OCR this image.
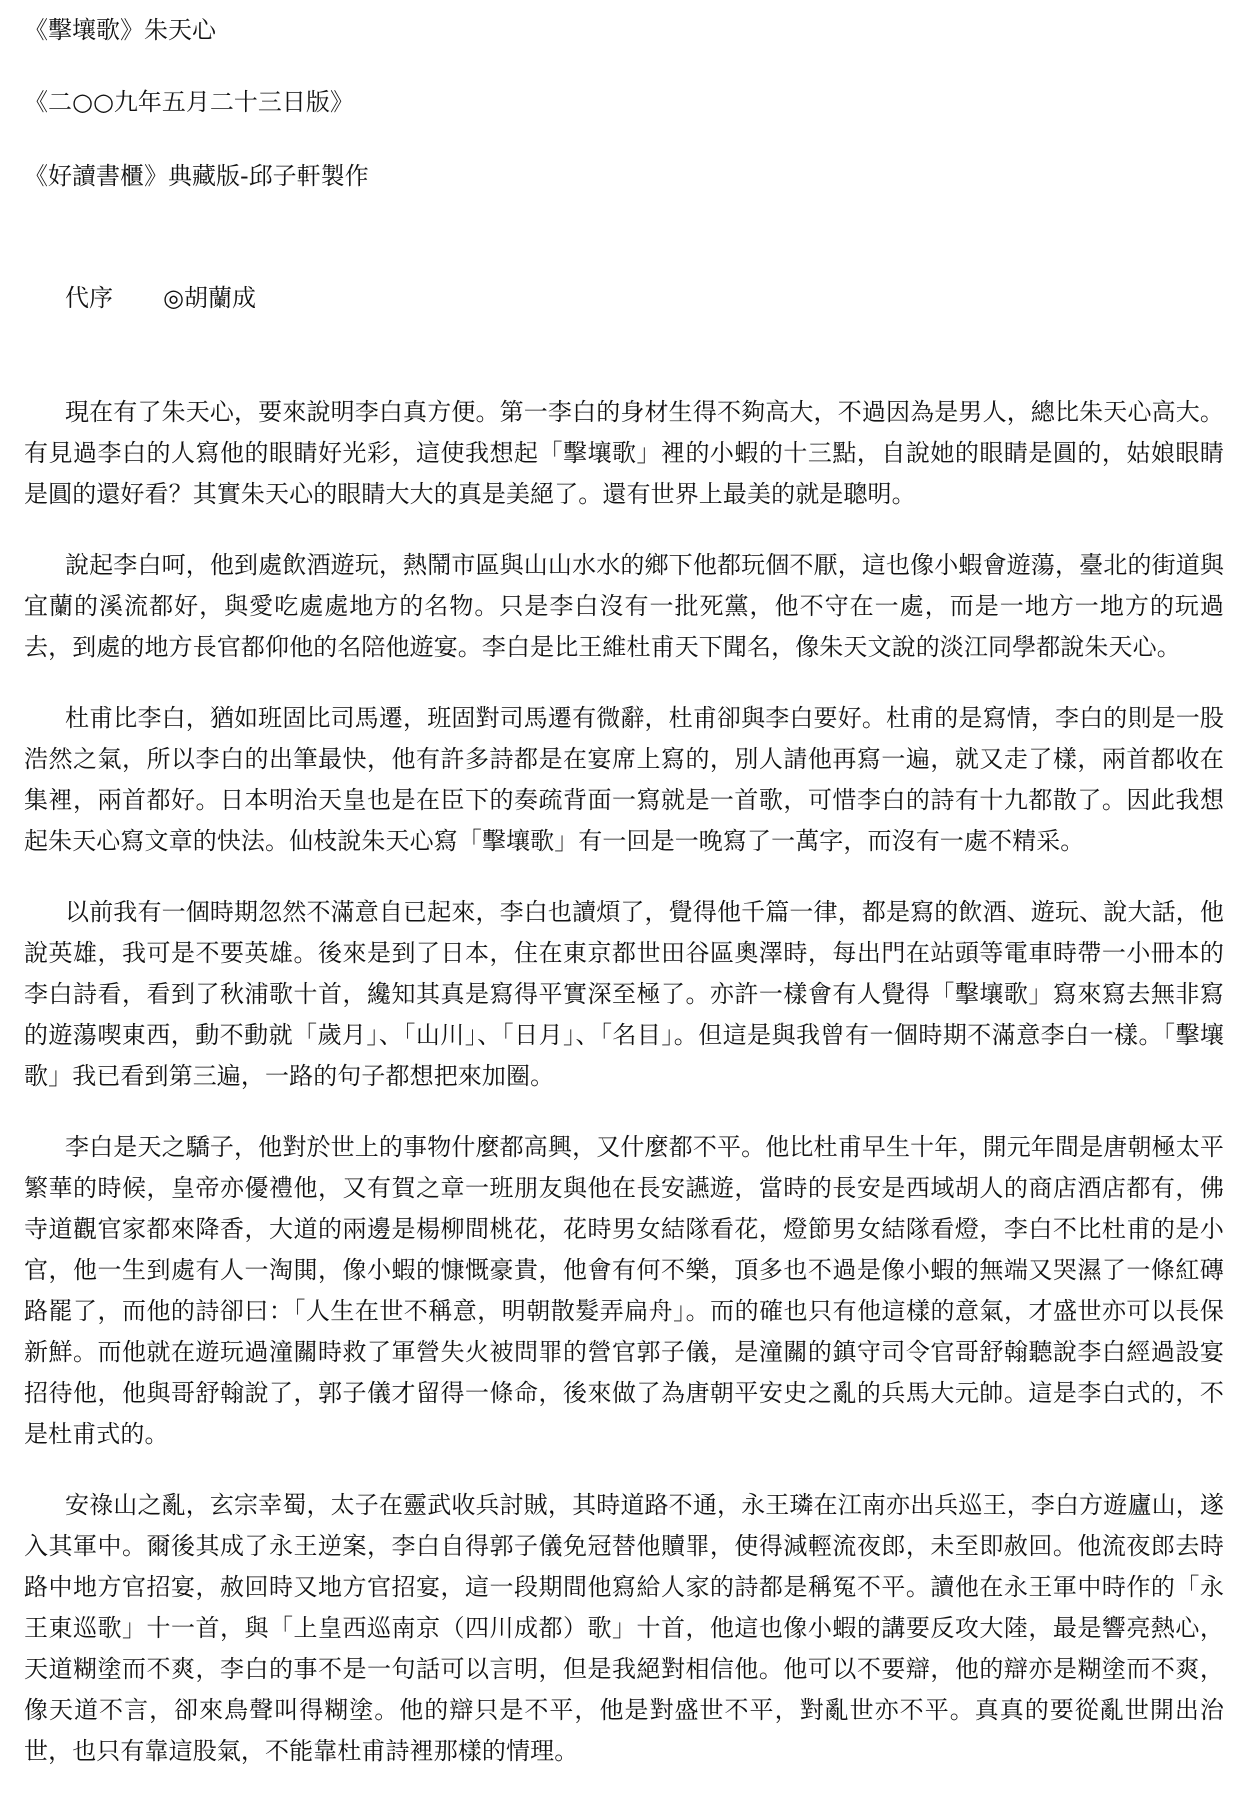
《擊壤歌》朱天心
《二○○九年五月二十三日版》
《好讀書櫃》典藏版-邱子軒製作
代序 ◎胡蘭成

現在有了朱天心，要來說明李白真方便。第一李白的身材生得不夠高大，不過因為是男人，總比朱天心高大。有見過李白的人寫他的眼睛好光彩，這使我想起「擊壤歌」裡的小蝦的十三點，自說她的眼睛是圓的，姑娘眼睛是圓的還好看？其實朱天心的眼睛大大的真是美絕了。還有世界上最美的就是聰明。

說起李白呵，他到處飲酒遊玩，熱鬧市區與山山水水的鄉下他都玩個不厭，這也像小蝦會遊蕩，臺北的街道與宜蘭的溪流都好，與愛吃處處地方的名物。只是李白沒有一批死黨，他不守在一處，而是一地方一地方的玩過去，到處的地方長官都仰他的名陪他遊宴。李白是比王維杜甫天下聞名，像朱天文說的淡江同學都說朱天心。

杜甫比李白，猶如班固比司馬遷，班固對司馬遷有微辭，杜甫卻與李白要好。杜甫的是寫情，李白的則是一股浩然之氣，所以李白的出筆最快，他有許多詩都是在宴席上寫的，別人請他再寫一遍，就又走了樣，兩首都收在集裡，兩首都好。日本明治天皇也是在臣下的奏疏背面一寫就是一首歌，可惜李白的詩有十九都散了。因此我想起朱天心寫文章的快法。仙枝說朱天心寫「擊壤歌」有一回是一晚寫了一萬字，而沒有一處不精采。

以前我有一個時期忽然不滿意自已起來，李白也讀煩了，覺得他千篇一律，都是寫的飲酒、遊玩、說大話，他說英雄，我可是不要英雄。後來是到了日本，住在東京都世田谷區奧澤時，每出門在站頭等電車時帶一小冊本的李白詩看，看到了秋浦歌十首，纔知其真是寫得平實深至極了。亦許一樣會有人覺得「擊壤歌」寫來寫去無非寫的遊蕩喫東西，動不動就「歲月」、「山川」、「日月」、「名目」。但這是與我曾有一個時期不滿意李白一樣。「擊壤歌」我已看到第三遍，一路的句子都想把來加圈。

李白是天之驕子，他對於世上的事物什麼都高興，又什麼都不平。他比杜甫早生十年，開元年間是唐朝極太平繁華的時候，皇帝亦優禮他，又有賀之章一班朋友與他在長安讌遊，當時的長安是西域胡人的商店酒店都有，佛寺道觀官家都來降香，大道的兩邊是楊柳間桃花，花時男女結隊看花，燈節男女結隊看燈，李白不比杜甫的是小官，他一生到處有人一淘閧，像小蝦的慷慨豪貴，他會有何不樂，頂多也不過是像小蝦的無端又哭濕了一條紅磚路罷了，而他的詩卻曰：「人生在世不稱意，明朝散髮弄扁舟」。而的確也只有他這樣的意氣，才盛世亦可以長保新鮮。而他就在遊玩過潼關時救了軍營失火被問罪的營官郭子儀，是潼關的鎮守司令官哥舒翰聽說李白經過設宴招待他，他與哥舒翰說了，郭子儀才留得一條命，後來做了為唐朝平安史之亂的兵馬大元帥。這是李白式的，不是杜甫式的。

安祿山之亂，玄宗幸蜀，太子在靈武收兵討賊，其時道路不通，永王璘在江南亦出兵巡王，李白方遊廬山，遂入其軍中。爾後其成了永王逆案，李白自得郭子儀免冠替他贖罪，使得減輕流夜郎，未至即赦回。他流夜郎去時路中地方官招宴，赦回時又地方官招宴，這一段期間他寫給人家的詩都是稱冤不平。讀他在永王軍中時作的「永王東巡歌」十一首，與「上皇西巡南京（四川成都）歌」十首，他這也像小蝦的講要反攻大陸，最是響亮熱心，天道糊塗而不爽，李白的事不是一句話可以言明，但是我絕對相信他。他可以不要辯，他的辯亦是糊塗而不爽，像天道不言，卻來鳥聲叫得糊塗。他的辯只是不平，他是對盛世不平，對亂世亦不平。真真的要從亂世開出治世，也只有靠這股氣，不能靠杜甫詩裡那樣的情理。
